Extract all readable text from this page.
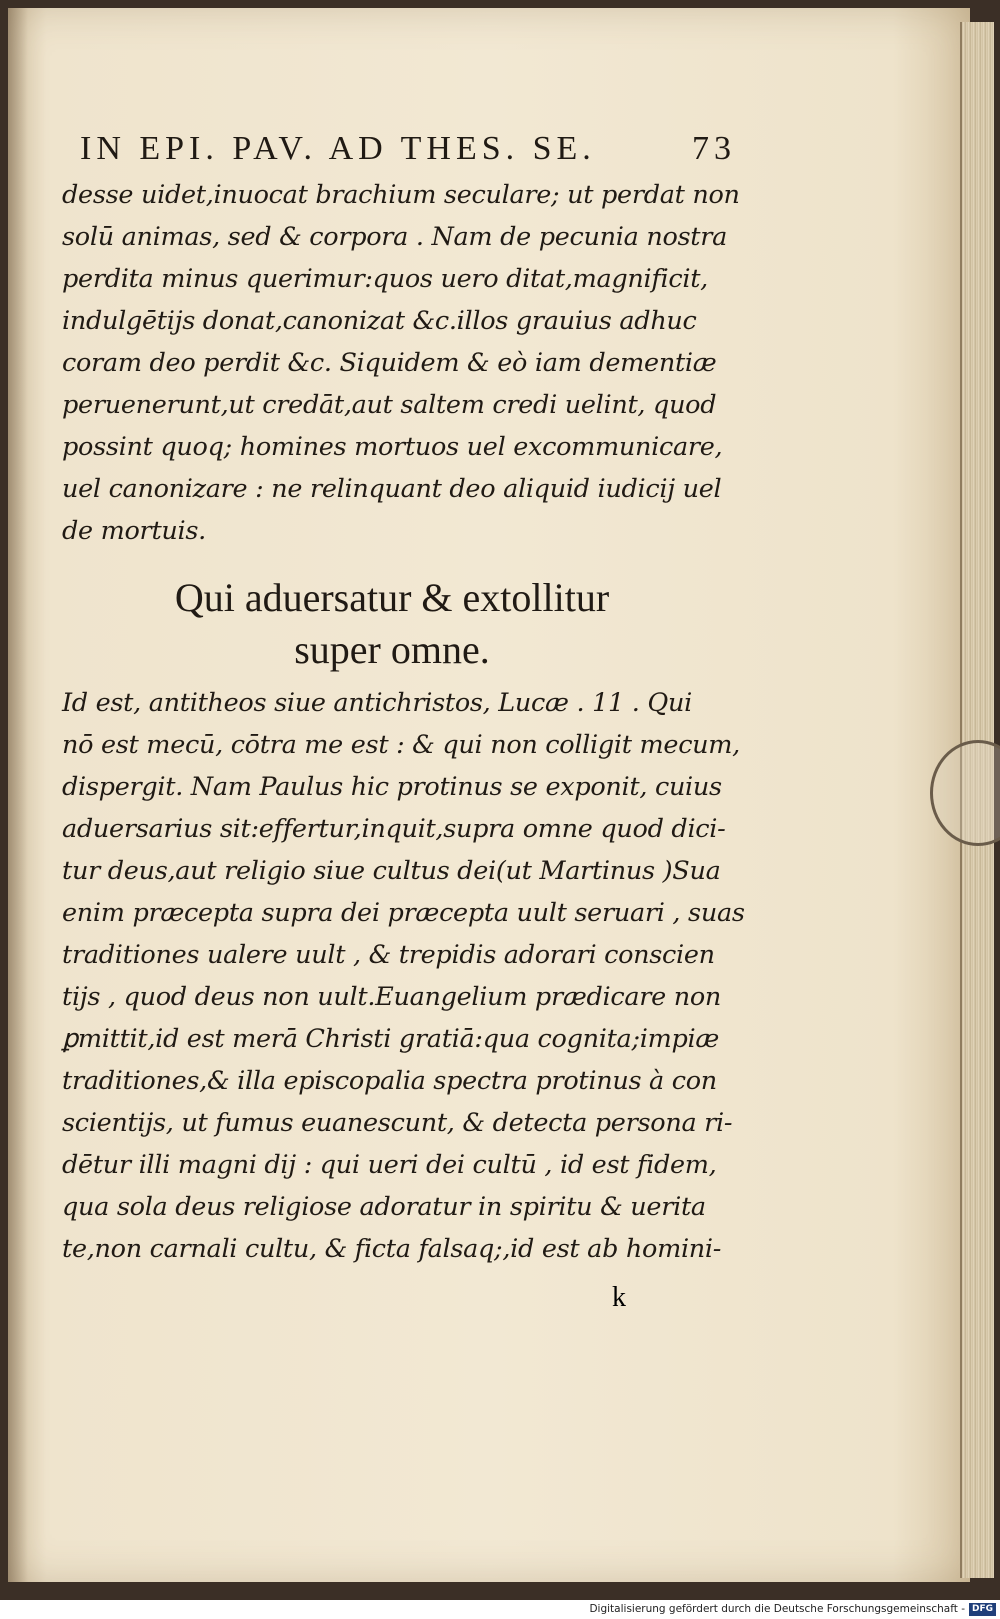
IN EPI. PAV. AD THES. SE.	73
desse uidet,inuocat brachium seculare; ut perdat non
solū animas, sed & corpora . Nam de pecunia nostra
perdita minus querimur:quos uero ditat,magnificit,
indulgētijs donat,canonizat &c.illos grauius adhuc
coram deo perdit &c. Siquidem & eò iam dementiæ
peruenerunt,ut credāt,aut saltem credi uelint, quod
possint quoq; homines mortuos uel excommunicare,
uel canonizare : ne relinquant deo aliquid iudicij uel
de mortuis.
Qui aduersatur & extollitur
super omne.
Id est, antitheos siue antichristos, Lucæ . 11 . Qui
nō est mecū, cōtra me est : & qui non colligit mecum,
dispergit. Nam Paulus hic protinus se exponit, cuius
aduersarius sit:effertur,inquit,supra omne quod dici-
tur deus,aut religio siue cultus dei(ut Martinus )Sua
enim præcepta supra dei præcepta uult seruari , suas
traditiones ualere uult , & trepidis adorari conscien
tijs , quod deus non uult.Euangelium prædicare non
ꝑmittit,id est merā Christi gratiā:qua cognita;impiæ
traditiones,& illa episcopalia spectra protinus à con
scientijs, ut fumus euanescunt, & detecta persona ri-
dētur illi magni dij : qui ueri dei cultū , id est fidem,
qua sola deus religiose adoratur in spiritu & uerita
te,non carnali cultu, & ficta falsaq;,id est ab homini-
k
Digitalisierung gefördert durch die Deutsche Forschungsgemeinschaft - DFG
